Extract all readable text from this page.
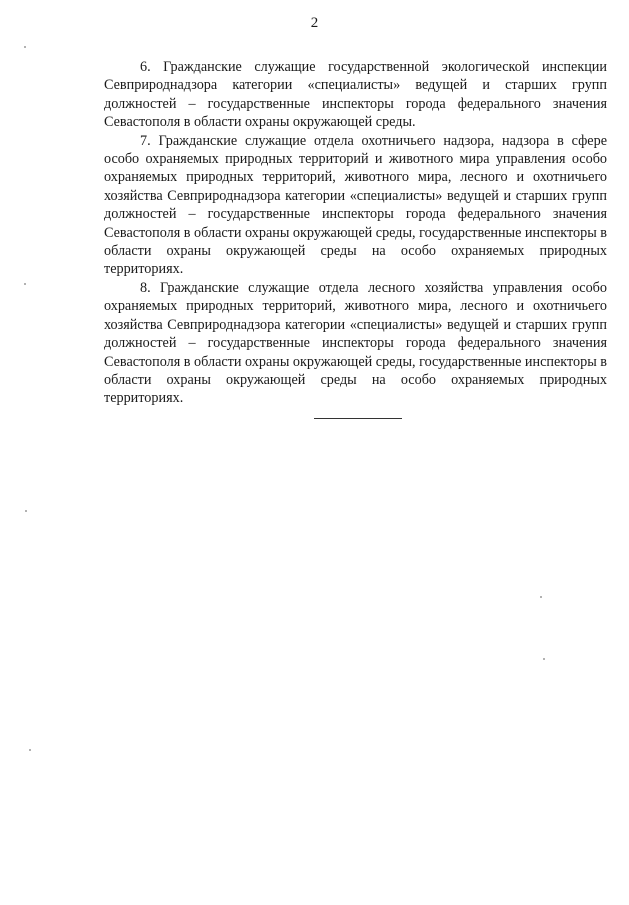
2

6. Гражданские служащие государственной экологической инспекции Севприроднадзора категории «специалисты» ведущей и старших групп должностей – государственные инспекторы города федерального значения Севастополя в области охраны окружающей среды.

7. Гражданские служащие отдела охотничьего надзора, надзора в сфере особо охраняемых природных территорий и животного мира управления особо охраняемых природных территорий, животного мира, лесного и охотничьего хозяйства Севприроднадзора категории «специалисты» ведущей и старших групп должностей – государственные инспекторы города федерального значения Севастополя в области охраны окружающей среды, государственные инспекторы в области охраны окружающей среды на особо охраняемых природных территориях.

8. Гражданские служащие отдела лесного хозяйства управления особо охраняемых природных территорий, животного мира, лесного и охотничьего хозяйства Севприроднадзора категории «специалисты» ведущей и старших групп должностей – государственные инспекторы города федерального значения Севастополя в области охраны окружающей среды, государственные инспекторы в области охраны окружающей среды на особо охраняемых природных территориях.
